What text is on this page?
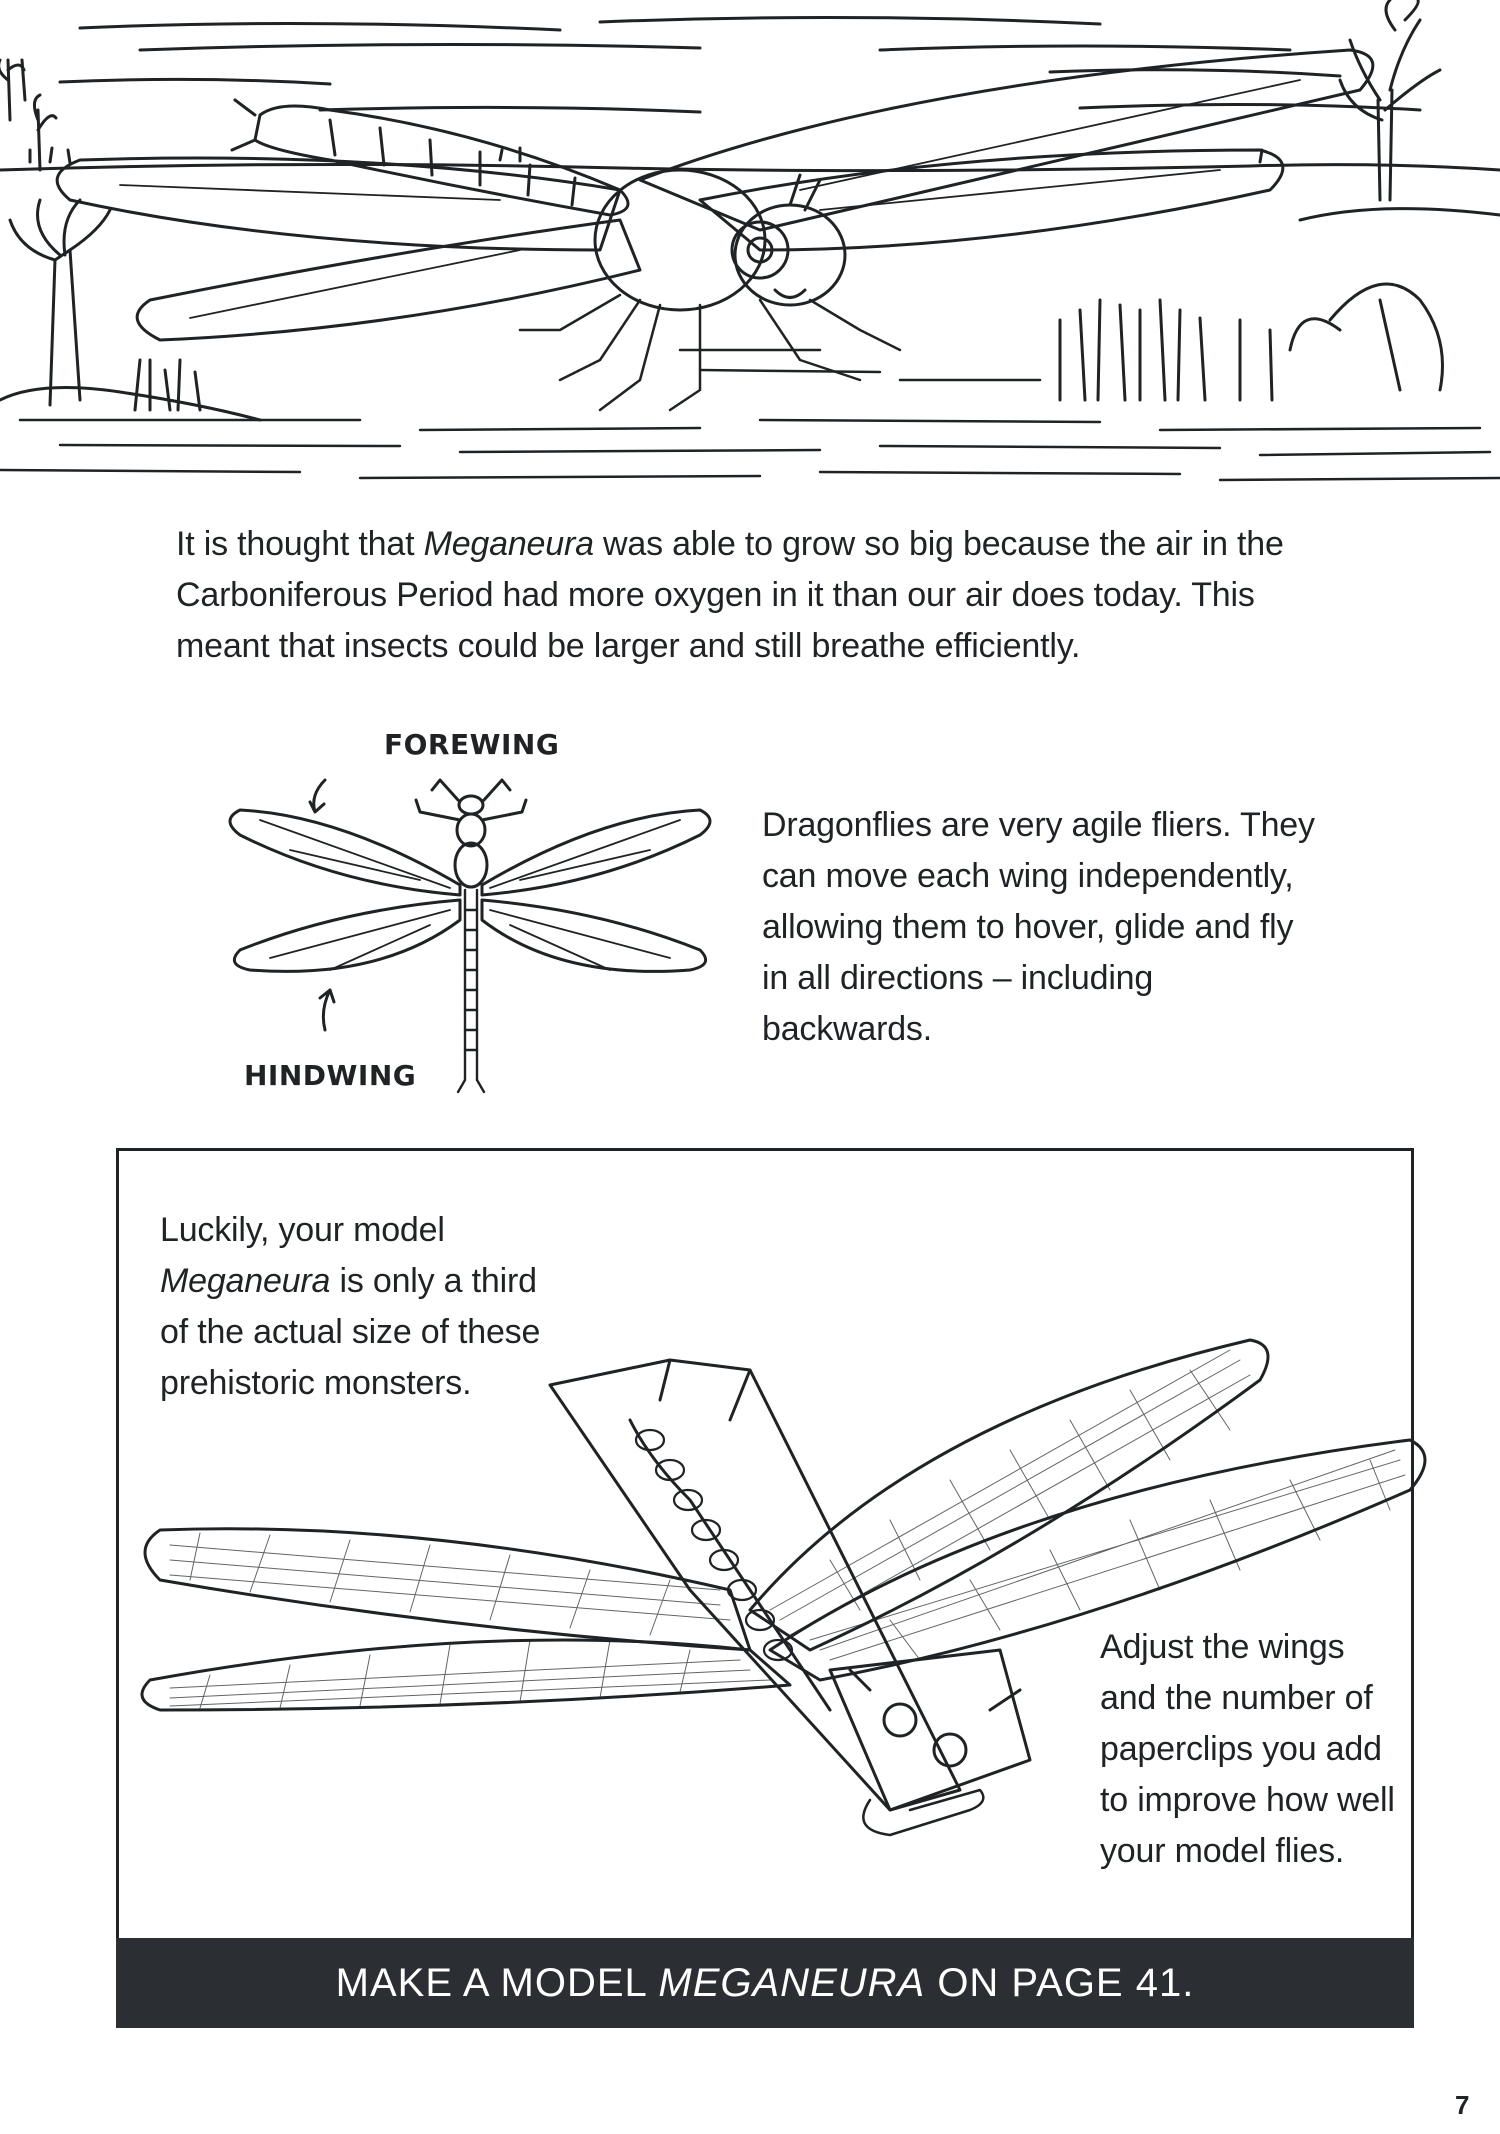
It is thought that Meganeura was able to grow so big because the air in the Carboniferous Period had more oxygen in it than our air does today. This meant that insects could be larger and still breathe efficiently.
FOREWING
HINDWING
Dragonflies are very agile fliers. They can move each wing independently, allowing them to hover, glide and fly in all directions – including backwards.
Luckily, your model Meganeura is only a third of the actual size of these prehistoric monsters.
Adjust the wings and the number of paperclips you add to improve how well your model flies.
MAKE A MODEL MEGANEURA ON PAGE 41.
7
